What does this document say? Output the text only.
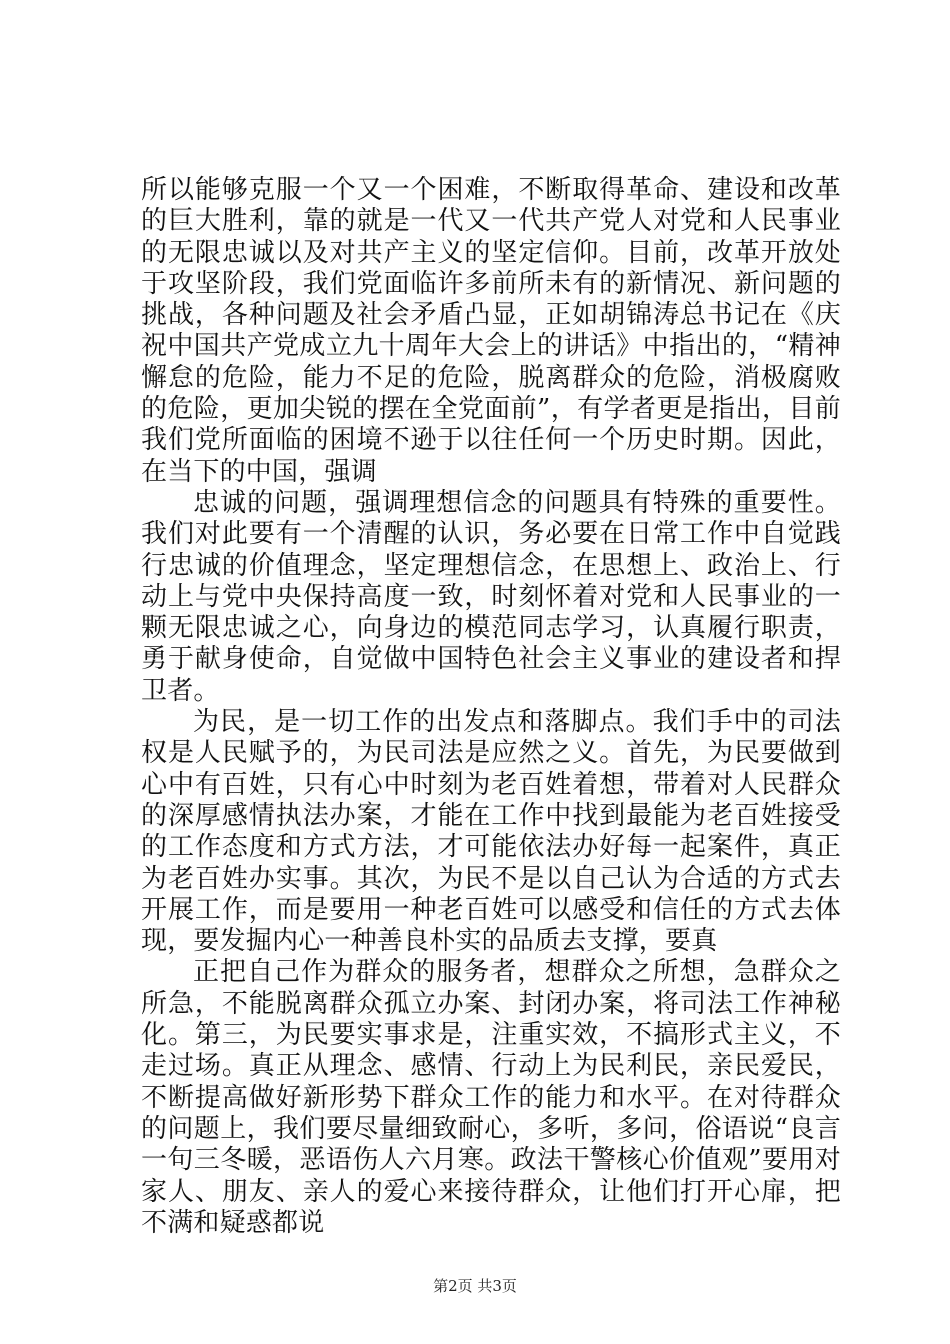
所以能够克服一个又一个困难，不断取得革命、建设和改革的巨大胜利，靠的就是一代又一代共产党人对党和人民事业的无限忠诚以及对共产主义的坚定信仰。目前，改革开放处于攻坚阶段，我们党面临许多前所未有的新情况、新问题的挑战，各种问题及社会矛盾凸显，正如胡锦涛总书记在《庆祝中国共产党成立九十周年大会上的讲话》中指出的，“精神懈怠的危险，能力不足的危险，脱离群众的危险，消极腐败的危险，更加尖锐的摆在全党面前”，有学者更是指出，目前我们党所面临的困境不逊于以往任何一个历史时期。因此，在当下的中国，强调

忠诚的问题，强调理想信念的问题具有特殊的重要性。我们对此要有一个清醒的认识，务必要在日常工作中自觉践行忠诚的价值理念，坚定理想信念，在思想上、政治上、行动上与党中央保持高度一致，时刻怀着对党和人民事业的一颗无限忠诚之心，向身边的模范同志学习，认真履行职责，勇于献身使命，自觉做中国特色社会主义事业的建设者和捍卫者。

为民，是一切工作的出发点和落脚点。我们手中的司法权是人民赋予的，为民司法是应然之义。首先，为民要做到心中有百姓，只有心中时刻为老百姓着想，带着对人民群众的深厚感情执法办案，才能在工作中找到最能为老百姓接受的工作态度和方式方法，才可能依法办好每一起案件，真正为老百姓办实事。其次，为民不是以自己认为合适的方式去开展工作，而是要用一种老百姓可以感受和信任的方式去体现，要发掘内心一种善良朴实的品质去支撑，要真

正把自己作为群众的服务者，想群众之所想，急群众之所急，不能脱离群众孤立办案、封闭办案，将司法工作神秘化。第三，为民要实事求是，注重实效，不搞形式主义，不走过场。真正从理念、感情、行动上为民利民，亲民爱民，不断提高做好新形势下群众工作的能力和水平。在对待群众的问题上，我们要尽量细致耐心，多听，多问，俗语说“良言一句三冬暖，恶语伤人六月寒。政法干警核心价值观”要用对家人、朋友、亲人的爱心来接待群众，让他们打开心扉，把不满和疑惑都说

第2页 共3页
